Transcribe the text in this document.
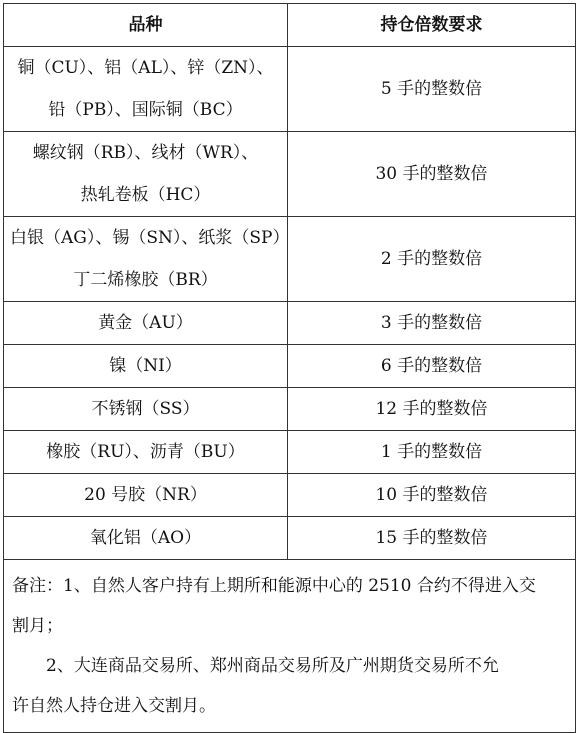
品种	持仓倍数要求

铜（CU）、铝（AL）、锌（ZN）、
铅（PB）、国际铜（BC）	5 手的整数倍

螺纹钢（RB）、线材（WR）、
热轧卷板（HC）	30 手的整数倍

白银（AG）、锡（SN）、纸浆（SP）
丁二烯橡胶（BR）	2 手的整数倍
黄金（AU）	3 手的整数倍
镍（NI）	6 手的整数倍
不锈钢（SS）	12 手的整数倍
橡胶（RU）、沥青（BU）	1 手的整数倍
20 号胶（NR）	10 手的整数倍
氧化铝（AO）	15 手的整数倍

备注：1、自然人客户持有上期所和能源中心的 2510 合约不得进入交
割月；
2、大连商品交易所、郑州商品交易所及广州期货交易所不允
许自然人持仓进入交割月。	
